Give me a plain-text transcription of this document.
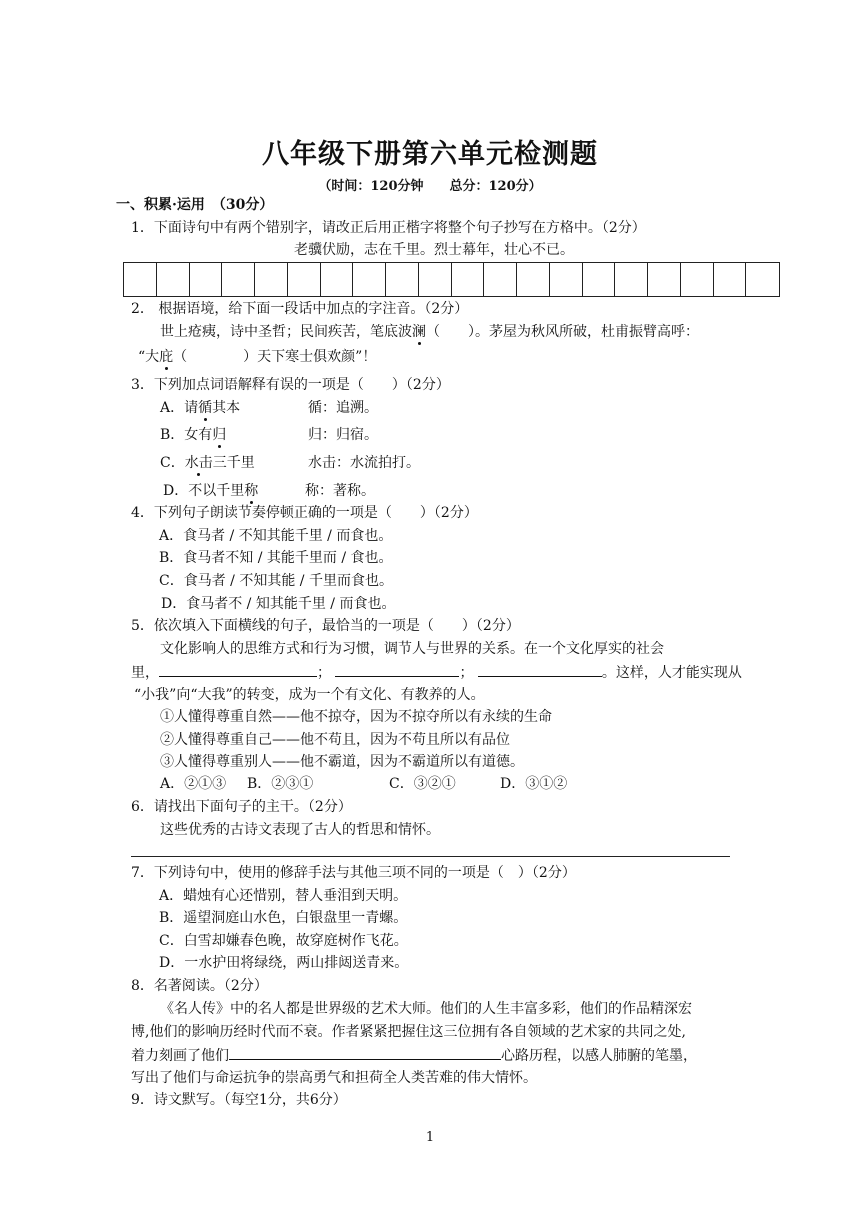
八年级下册第六单元检测题
（时间：120分钟　　总分：120分）
一、积累·运用　（30分）
1．下面诗句中有两个错别字，请改正后用正楷字将整个句子抄写在方格中。（2分）
老骥伏励，志在千里。烈士幕年，壮心不已。
2． 根据语境，给下面一段话中加点的字注音。（2分）
世上疮痍，诗中圣哲；民间疾苦，笔底波澜（　　）。茅屋为秋风所破，杜甫振臂高呼：
“大庇（　　　　）天下寒士俱欢颜”！
3．下列加点词语解释有误的一项是（　　）（2分）
A．请循其本	循：追溯。
B．女有归	归：归宿。
C．水击三千里	水击：水流拍打。
D．不以千里称	称：著称。
4．下列句子朗读节奏停顿正确的一项是（　　）（2分）
A．食马者 / 不知其能千里 / 而食也。
B．食马者不知 / 其能千里而 / 食也。
C．食马者 / 不知其能 / 千里而食也。
D．食马者不 / 知其能千里 / 而食也。
5．依次填入下面横线的句子，最恰当的一项是（　　）（2分）
文化影响人的思维方式和行为习惯，调节人与世界的关系。在一个文化厚实的社会
里，	；	；	。这样，人才能实现从
“小我”向“大我”的转变，成为一个有文化、有教养的人。
①人懂得尊重自然——他不掠夺，因为不掠夺所以有永续的生命
②人懂得尊重自己——他不苟且，因为不苟且所以有品位
③人懂得尊重别人——他不霸道，因为不霸道所以有道德。
A．②①③ B．②③①	C．③②①	D．③①②
6．请找出下面句子的主干。（2分）
这些优秀的古诗文表现了古人的哲思和情怀。
7．下列诗句中，使用的修辞手法与其他三项不同的一项是（　）（2分）
A．蜡烛有心还惜别，替人垂泪到天明。
B．遥望洞庭山水色，白银盘里一青螺。
C．白雪却嫌春色晚，故穿庭树作飞花。
D．一水护田将绿绕，两山排闼送青来。
8．名著阅读。（2分）
《名人传》中的名人都是世界级的艺术大师。他们的人生丰富多彩，他们的作品精深宏
博,他们的影响历经时代而不衰。作者紧紧把握住这三位拥有各自领域的艺术家的共同之处,
着力刻画了他们	心路历程，以感人肺腑的笔墨，
写出了他们与命运抗争的崇高勇气和担荷全人类苦难的伟大情怀。
9．诗文默写。（每空1分，共6分）
1
